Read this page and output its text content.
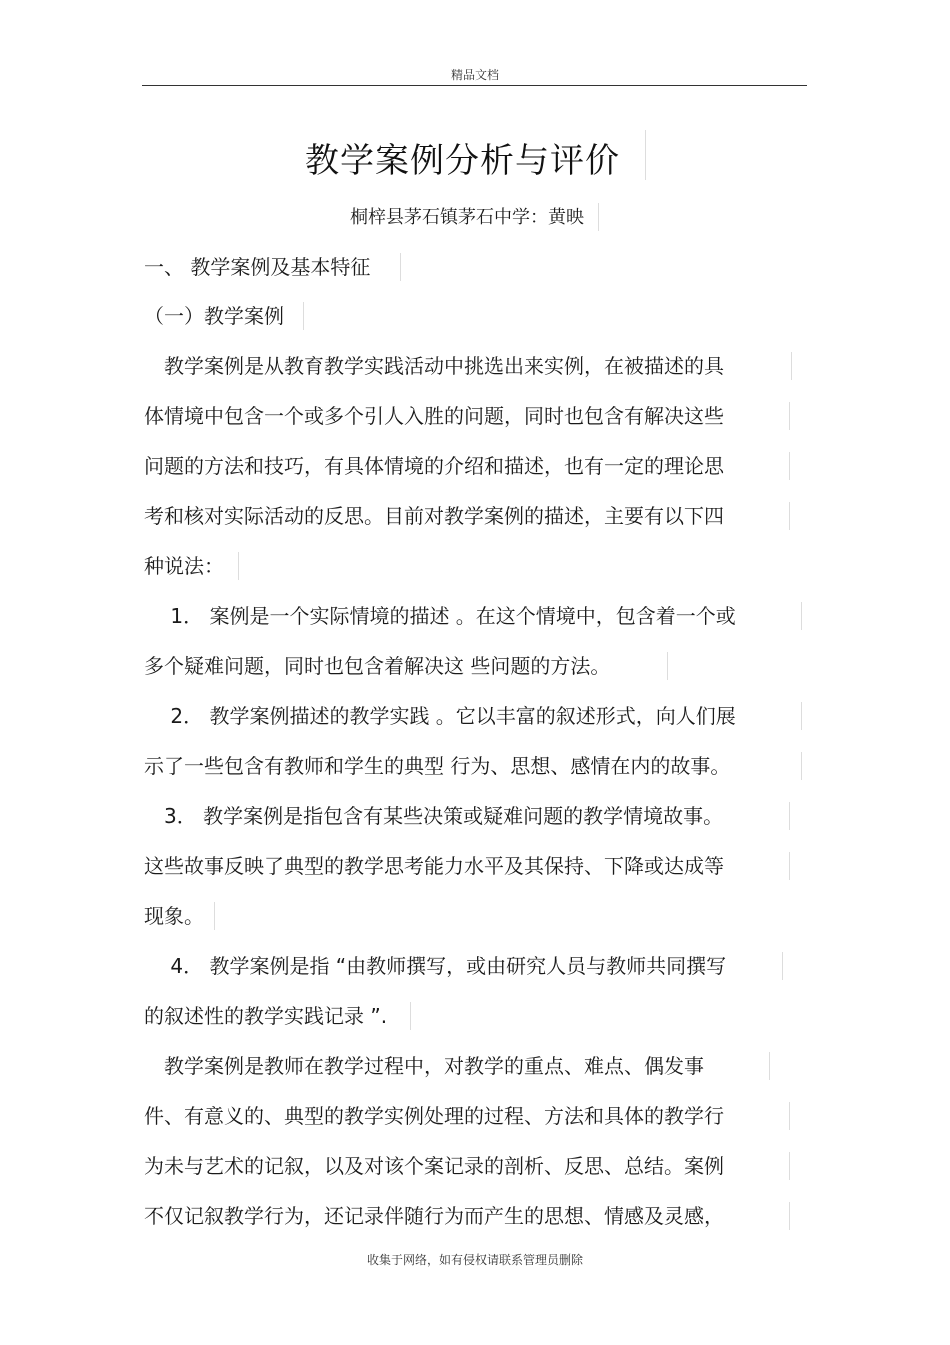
精品文档
教学案例分析与评价
桐梓县茅石镇茅石中学：黄映
一、 教学案例及基本特征
（一）教学案例
　教学案例是从教育教学实践活动中挑选出来实例，在被描述的具
体情境中包含一个或多个引人入胜的问题，同时也包含有解决这些
问题的方法和技巧，有具体情境的介绍和描述，也有一定的理论思
考和核对实际活动的反思。目前对教学案例的描述，主要有以下四
种说法：
　 1． 案例是一个实际情境的描述 。在这个情境中，包含着一个或
多个疑难问题，同时也包含着解决这 些问题的方法。
　 2． 教学案例描述的教学实践 。它以丰富的叙述形式，向人们展
示了一些包含有教师和学生的典型 行为、思想、感情在内的故事。
　3． 教学案例是指包含有某些决策或疑难问题的教学情境故事。
这些故事反映了典型的教学思考能力水平及其保持、下降或达成等
现象。
　 4． 教学案例是指 “由教师撰写，或由研究人员与教师共同撰写
的叙述性的教学实践记录 ”.
　教学案例是教师在教学过程中，对教学的重点、难点、偶发事
件、有意义的、典型的教学实例处理的过程、方法和具体的教学行
为未与艺术的记叙，以及对该个案记录的剖析、反思、总结。案例
不仅记叙教学行为，还记录伴随行为而产生的思想、情感及灵感，
收集于网络，如有侵权请联系管理员删除
